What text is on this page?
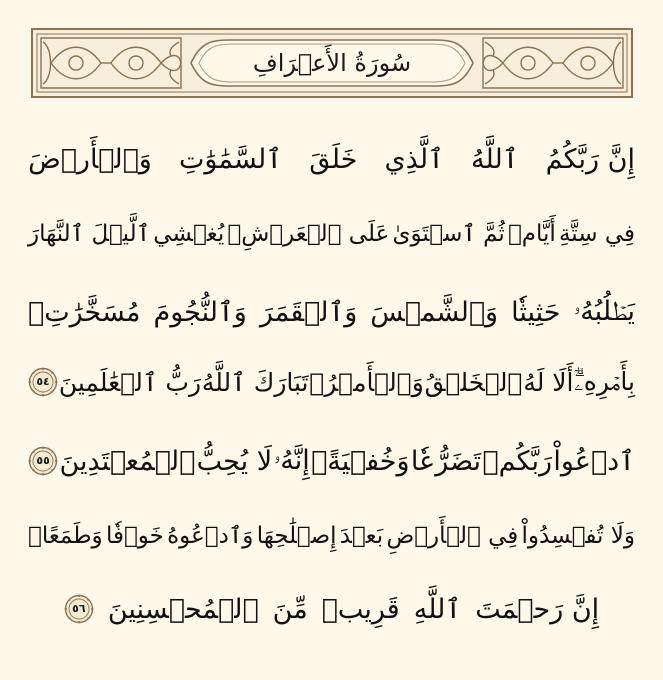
سُورَةُ الأَعۡرَافِ
إِنَّ رَبَّكُمُ
ٱللَّهُ
ٱلَّذِي
خَلَقَ
ٱلسَّمَٰوَٰتِ
وَٱلۡأَرۡضَ
فِي سِتَّةِ
أَيَّامٖ
ثُمَّ ٱسۡتَوَىٰ
عَلَى ٱلۡعَرۡشِۖ
يُغۡشِي
ٱلَّيۡلَ ٱلنَّهَارَ
يَطۡلُبُهُۥ
حَثِيثٗا
وَٱلشَّمۡسَ
وَٱلۡقَمَرَ
وَٱلنُّجُومَ
مُسَخَّرَٰتِۭ
بِأَمۡرِهِۦٓۗ
أَلَا لَهُ
ٱلۡخَلۡقُ
وَٱلۡأَمۡرُۗ
تَبَارَكَ ٱللَّهُ
رَبُّ ٱلۡعَٰلَمِينَ
٥٤
ٱدۡعُواْ
رَبَّكُمۡ
تَضَرُّعٗا
وَخُفۡيَةًۚ
إِنَّهُۥ
لَا يُحِبُّ
ٱلۡمُعۡتَدِينَ
٥٥
وَلَا تُفۡسِدُواْ
فِي ٱلۡأَرۡضِ
بَعۡدَ
إِصۡلَٰحِهَا
وَٱدۡعُوهُ
خَوۡفٗا
وَطَمَعًاۚ
إِنَّ رَحۡمَتَ
ٱللَّهِ
قَرِيبٞ
مِّنَ
ٱلۡمُحۡسِنِينَ
٥٦
